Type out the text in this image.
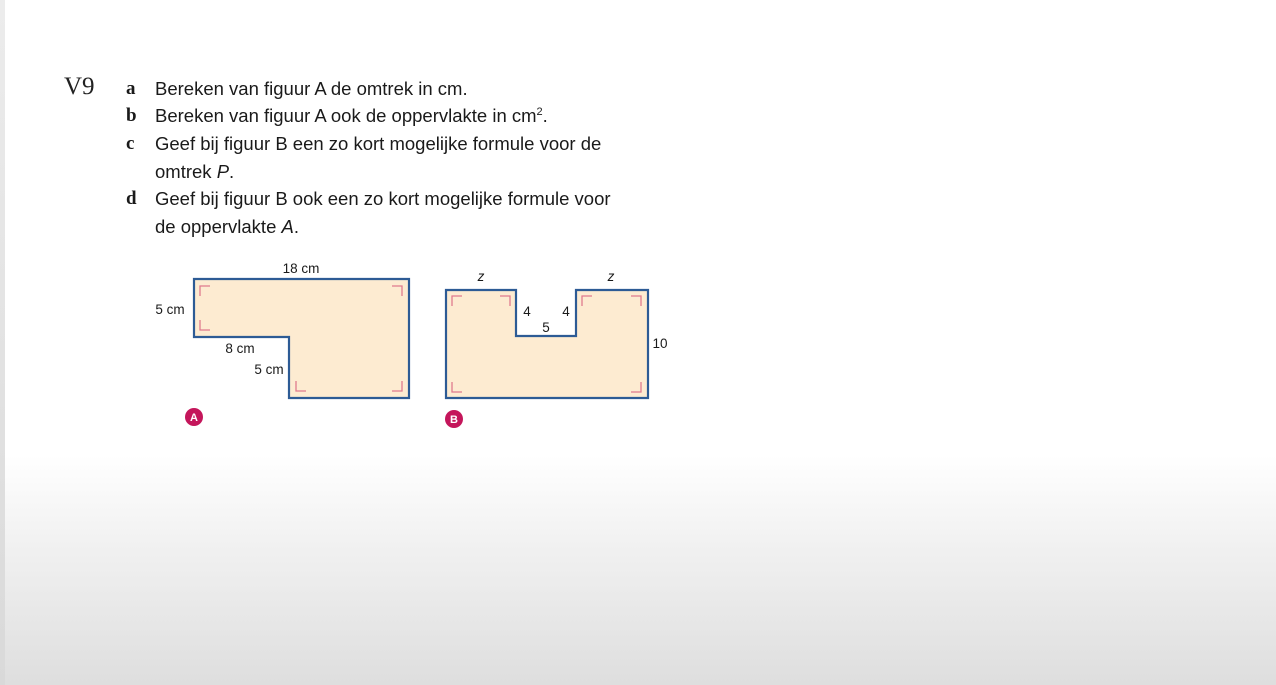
V9 a Bereken van figuur A de omtrek in cm.
b Bereken van figuur A ook de oppervlakte in $cm^2$.
c Geef bij figuur B een zo kort mogelijke formule voor de
omtrek P.
d Geef bij figuur B ook een zo kort mogelijke formule voor
de oppervlakte A.
18 cm
5 cm
8 cm
5 cm
A
z	z
4 4
5
10
B
